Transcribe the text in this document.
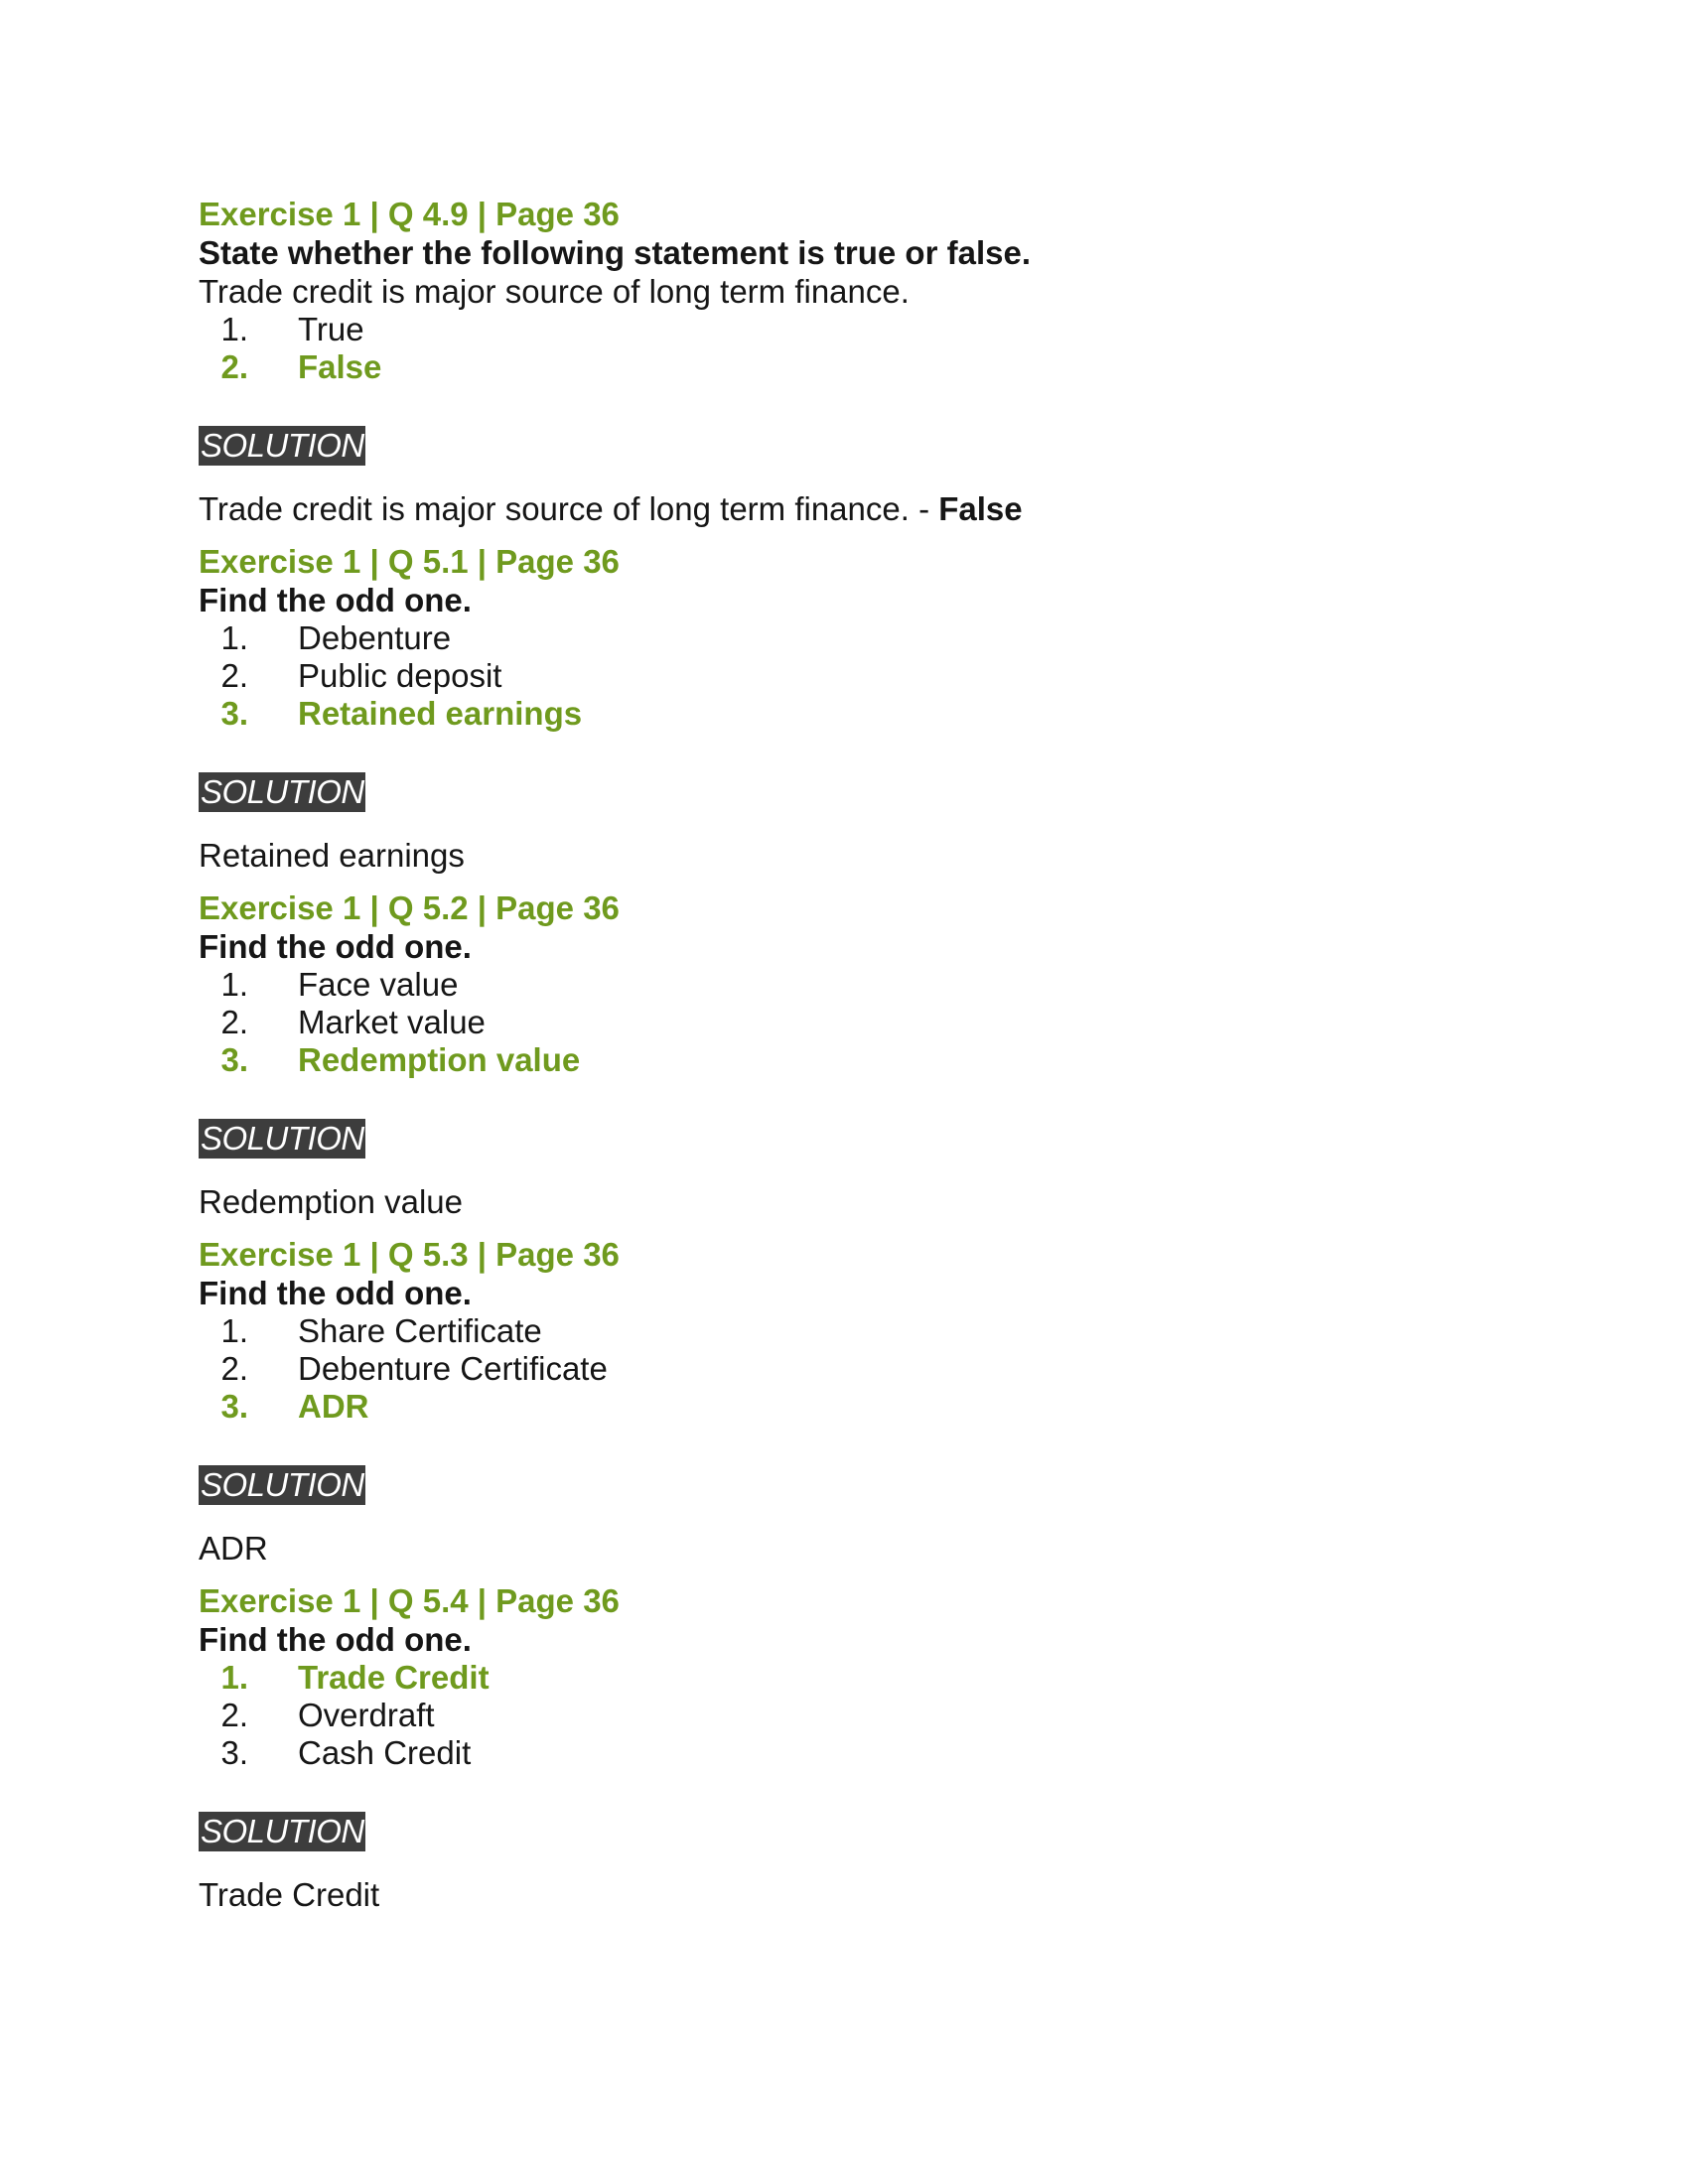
Exercise 1 | Q 4.9 | Page 36
State whether the following statement is true or false.
Trade credit is major source of long term finance.
1. True
2. False
SOLUTION
Trade credit is major source of long term finance. - False
Exercise 1 | Q 5.1 | Page 36
Find the odd one.
1. Debenture
2. Public deposit
3. Retained earnings
SOLUTION
Retained earnings
Exercise 1 | Q 5.2 | Page 36
Find the odd one.
1. Face value
2. Market value
3. Redemption value
SOLUTION
Redemption value
Exercise 1 | Q 5.3 | Page 36
Find the odd one.
1. Share Certificate
2. Debenture Certificate
3. ADR
SOLUTION
ADR
Exercise 1 | Q 5.4 | Page 36
Find the odd one.
1. Trade Credit
2. Overdraft
3. Cash Credit
SOLUTION
Trade Credit
